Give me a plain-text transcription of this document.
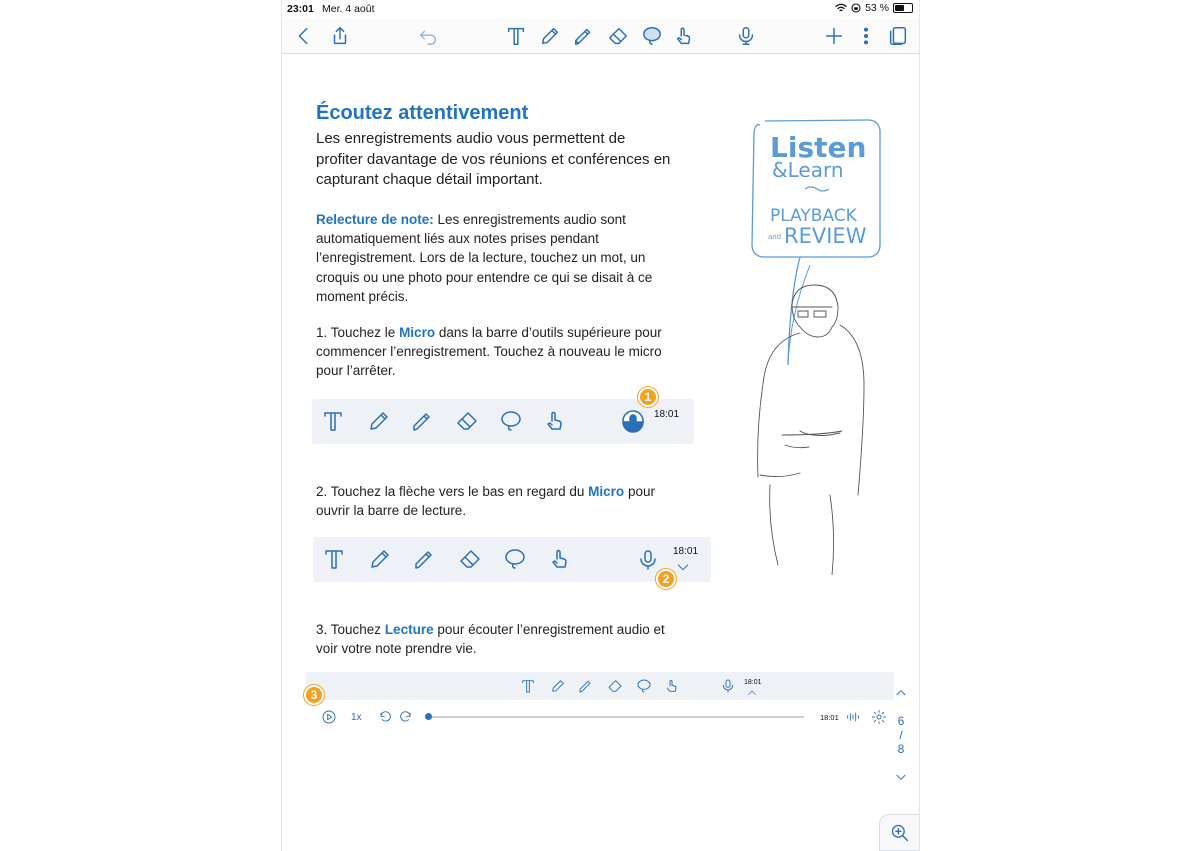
23:01 Mer. 4 août	53 %
Écoutez attentivement
Les enregistrements audio vous permettent de profiter davantage de vos réunions et conférences en capturant chaque détail important.
Relecture de note: Les enregistrements audio sont automatiquement liés aux notes prises pendant l’enregistrement. Lors de la lecture, touchez un mot, un croquis ou une photo pour entendre ce qui se disait à ce moment précis.
1. Touchez le Micro dans la barre d’outils supérieure pour commencer l’enregistrement. Touchez à nouveau le micro pour l’arrêter.
18:01
1
2. Touchez la flèche vers le bas en regard du Micro pour ouvrir la barre de lecture.
18:01
2
3. Touchez Lecture pour écouter l’enregistrement audio et voir votre note prendre vie.
18:01
1x	18:01
3
6
/
8
Listen
&Learn
PLAYBACK
and REVIEW
